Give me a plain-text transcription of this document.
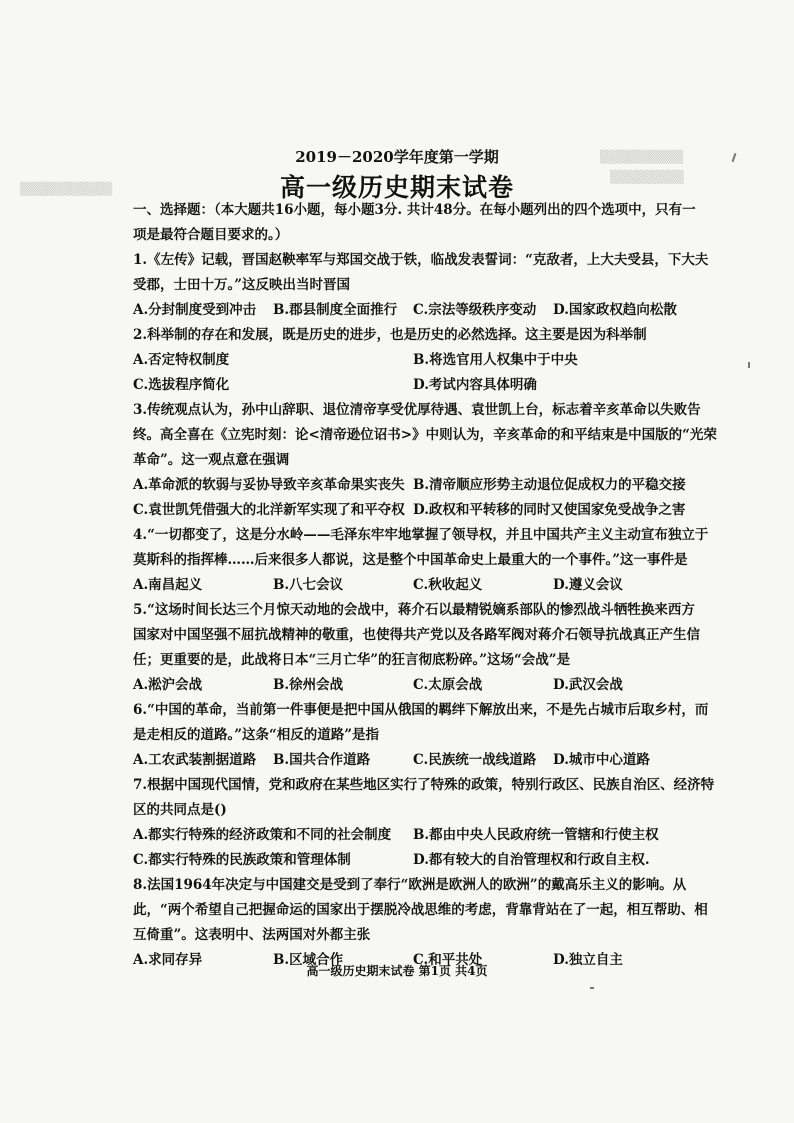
▒▒▒▒▒▒▒▒▒
▒▒▒▒▒▒▒▒
▒▒▒▒▒▒▒▒▒▒
2019－2020学年度第一学期
高一级历史期末试卷
一、选择题：（本大题共16小题，每小题3分. 共计48分。在每小题列出的四个选项中，只有一
项是最符合题目要求的。）
1.《左传》记载，晋国赵鞅率军与郑国交战于铁，临战发表誓词：“克敌者，上大夫受县，下大夫
受郡，士田十万。”这反映出当时晋国
A.分封制度受到冲击	B.郡县制度全面推行	C.宗法等级秩序变动	D.国家政权趋向松散
2.科举制的存在和发展，既是历史的进步，也是历史的必然选择。这主要是因为科举制
A.否定特权制度	B.将选官用人权集中于中央
C.选拔程序简化	D.考试内容具体明确
3.传统观点认为，孙中山辞职、退位清帝享受优厚待遇、袁世凯上台，标志着辛亥革命以失败告
终。高全喜在《立宪时刻：论<清帝逊位诏书>》中则认为，辛亥革命的和平结束是中国版的“光荣
革命”。这一观点意在强调
A.革命派的软弱与妥协导致辛亥革命果实丧失 B.清帝顺应形势主动退位促成权力的平稳交接
C.袁世凯凭借强大的北洋新军实现了和平夺权 D.政权和平转移的同时又使国家免受战争之害
4.“一切都变了，这是分水岭——毛泽东牢牢地掌握了领导权，并且中国共产主义主动宣布独立于
莫斯科的指挥棒……后来很多人都说，这是整个中国革命史上最重大的一个事件。”这一事件是
A.南昌起义	B.八七会议	C.秋收起义	D.遵义会议
5.“这场时间长达三个月惊天动地的会战中，蒋介石以最精锐嫡系部队的惨烈战斗牺牲换来西方
国家对中国坚强不屈抗战精神的敬重，也使得共产党以及各路军阀对蒋介石领导抗战真正产生信
任；更重要的是，此战将日本“三月亡华”的狂言彻底粉碎。”这场“会战”是
A.淞沪会战	B.徐州会战	C.太原会战	D.武汉会战
6.“中国的革命，当前第一件事便是把中国从俄国的羁绊下解放出来，不是先占城市后取乡村，而
是走相反的道路。”这条“相反的道路”是指
A.工农武装割据道路	B.国共合作道路	C.民族统一战线道路	D.城市中心道路
7.根据中国现代国情，党和政府在某些地区实行了特殊的政策，特别行政区、民族自治区、经济特
区的共同点是()
A.都实行特殊的经济政策和不同的社会制度	B.都由中央人民政府统一管辖和行使主权
C.都实行特殊的民族政策和管理体制	D.都有较大的自治管理权和行政自主权.
8.法国1964年决定与中国建交是受到了奉行“欧洲是欧洲人的欧洲”的戴高乐主义的影响。从
此，“两个希望自己把握命运的国家出于摆脱冷战思维的考虑，背靠背站在了一起，相互帮助、相
互倚重”。这表明中、法两国对外都主张
A.求同存异	B.区域合作	C.和平共处	D.独立自主
高一级历史期末试卷 第1页 共4页
